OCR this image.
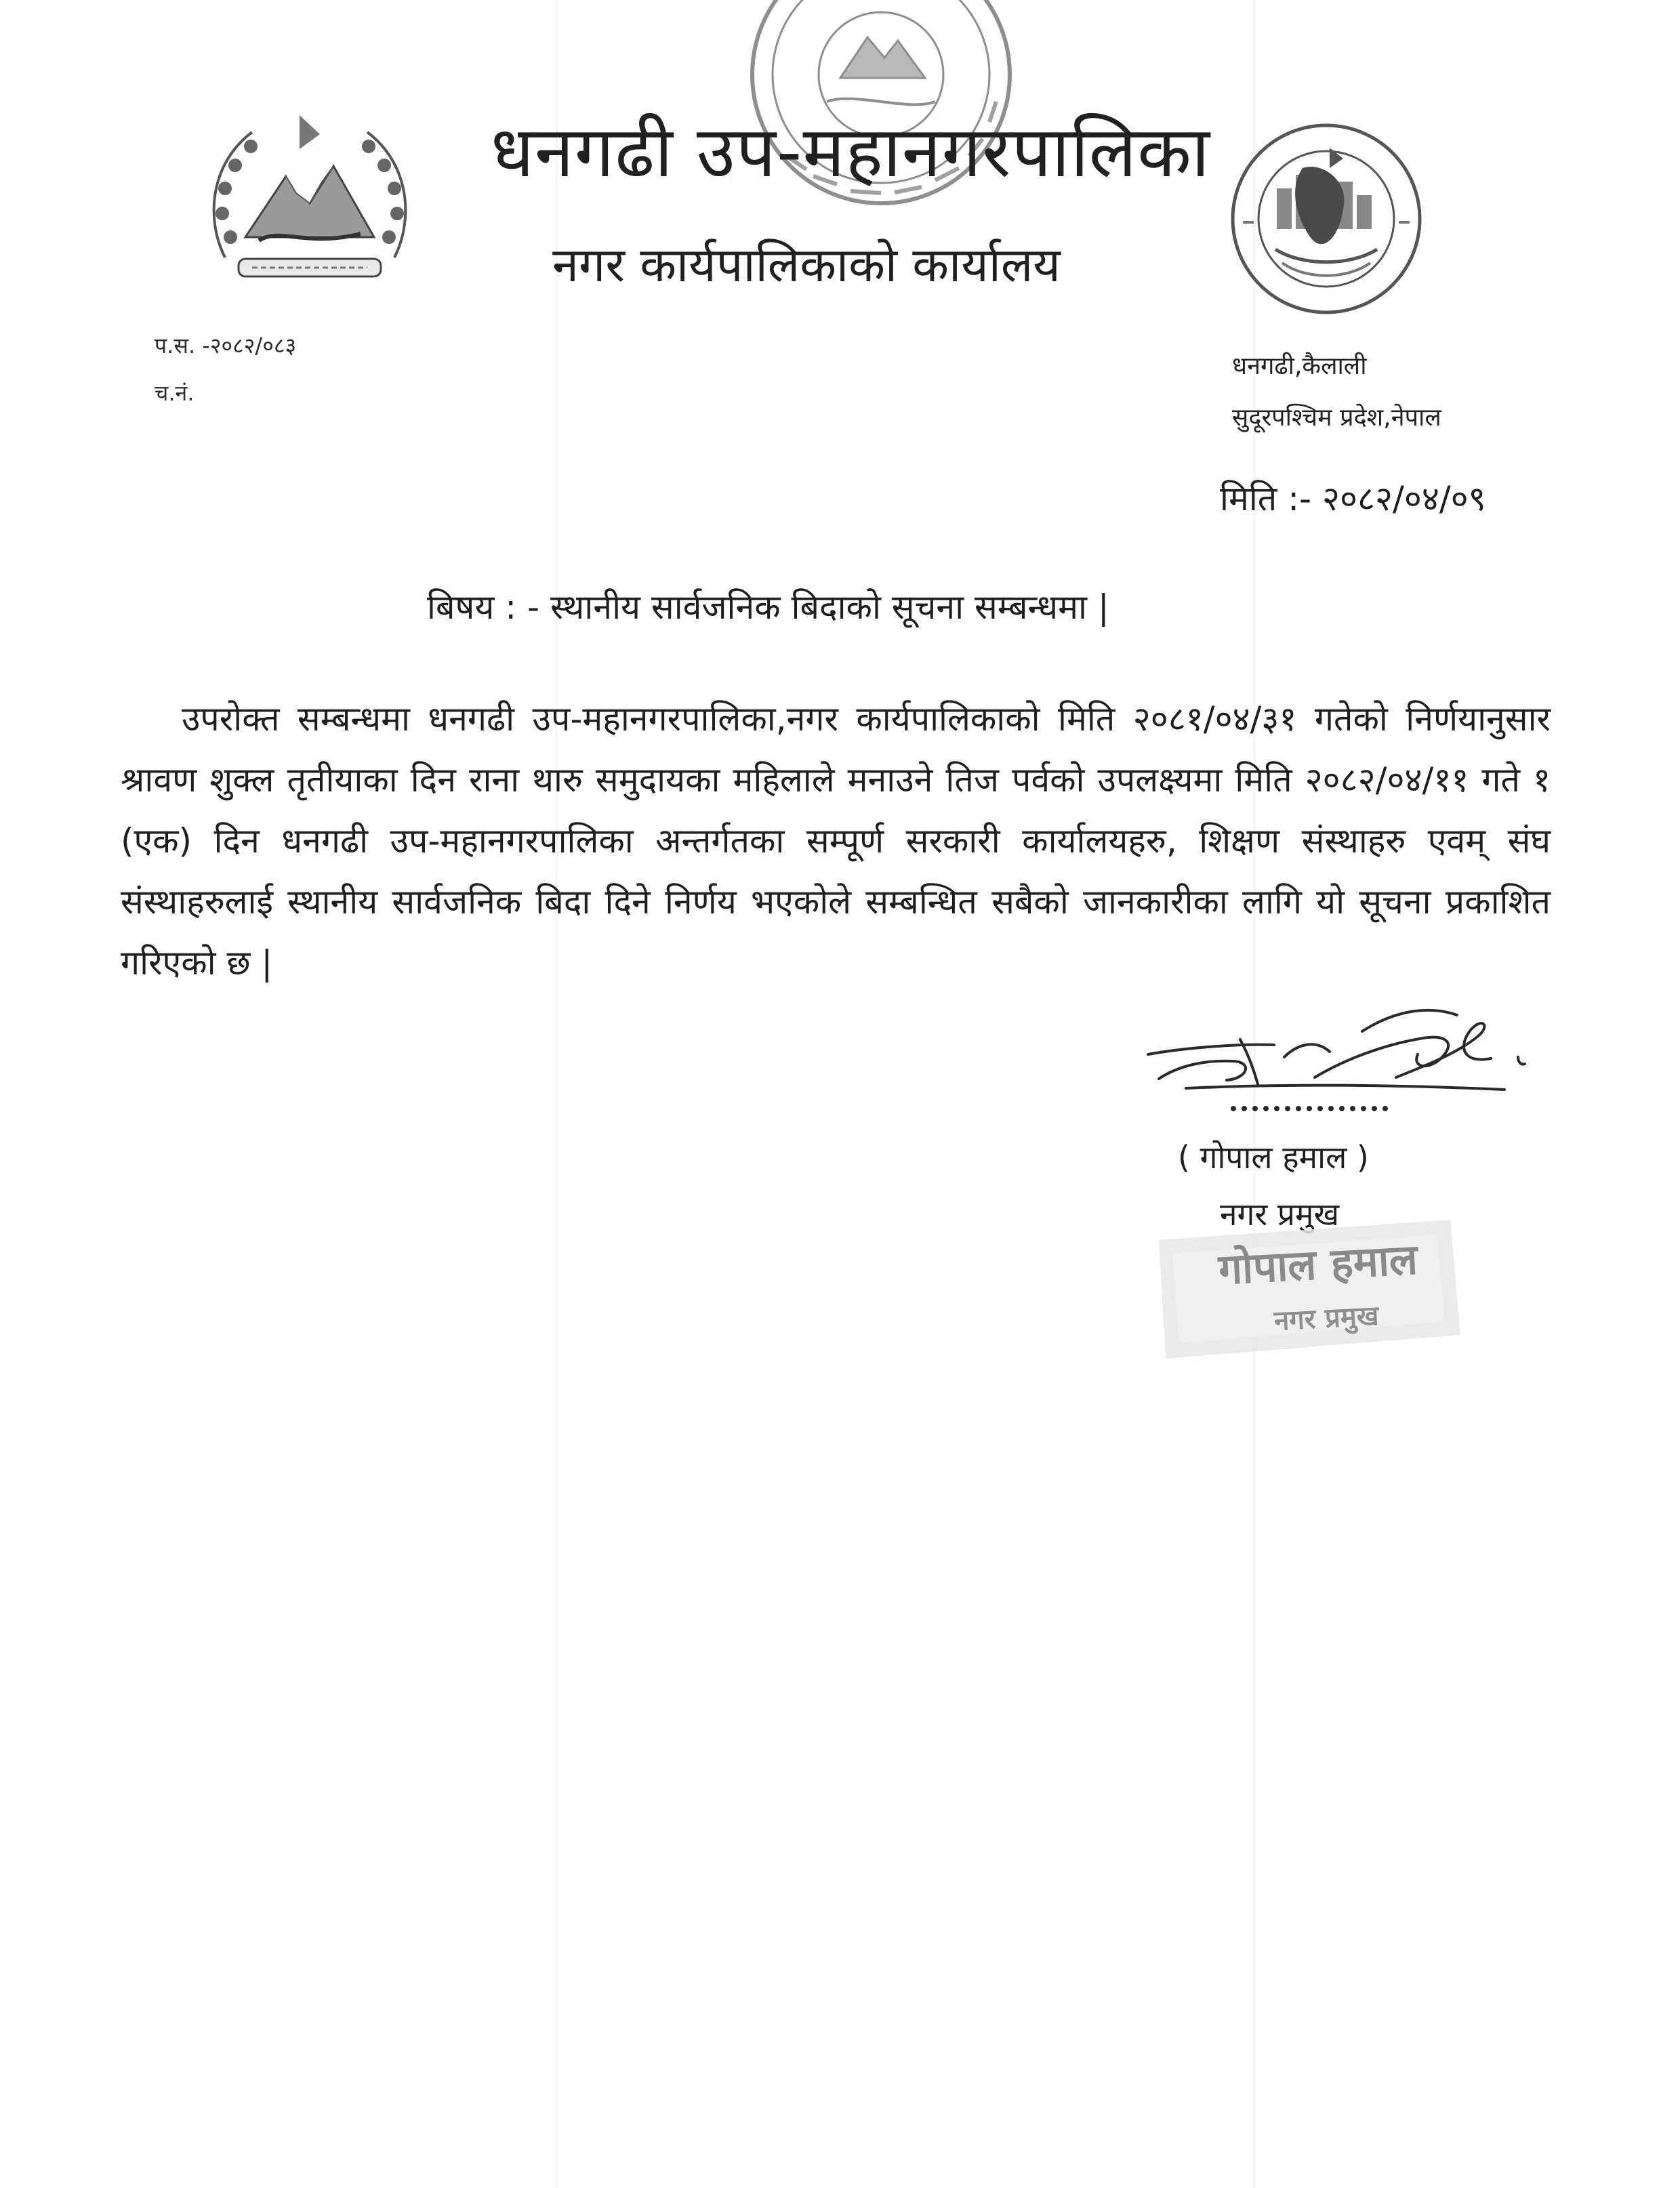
धनगढी उप-महानगरपालिका
नगर कार्यपालिकाको कार्यालय
प.स. -२०८२/०८३
च.नं.
धनगढी,कैलाली
सुदूरपश्चिम प्रदेश,नेपाल
मिति :- २०८२/०४/०९
बिषय : - स्थानीय सार्वजनिक बिदाको सूचना सम्बन्धमा |
उपरोक्त सम्बन्धमा धनगढी उप-महानगरपालिका,नगर कार्यपालिकाको मिति २०८१/०४/३१ गतेको निर्णयानुसार श्रावण शुक्ल तृतीयाका दिन राना थारु समुदायका महिलाले मनाउने तिज पर्वको उपलक्ष्यमा मिति २०८२/०४/११ गते १ (एक) दिन धनगढी उप-महानगरपालिका अन्तर्गतका सम्पूर्ण सरकारी कार्यालयहरु, शिक्षण संस्थाहरु एवम् संघ संस्थाहरुलाई स्थानीय सार्वजनिक बिदा दिने निर्णय भएकोले सम्बन्धित सबैको जानकारीका लागि यो सूचना प्रकाशित गरिएको छ |
( गोपाल हमाल )
नगर प्रमुख
गोपाल हमाल
नगर प्रमुख
